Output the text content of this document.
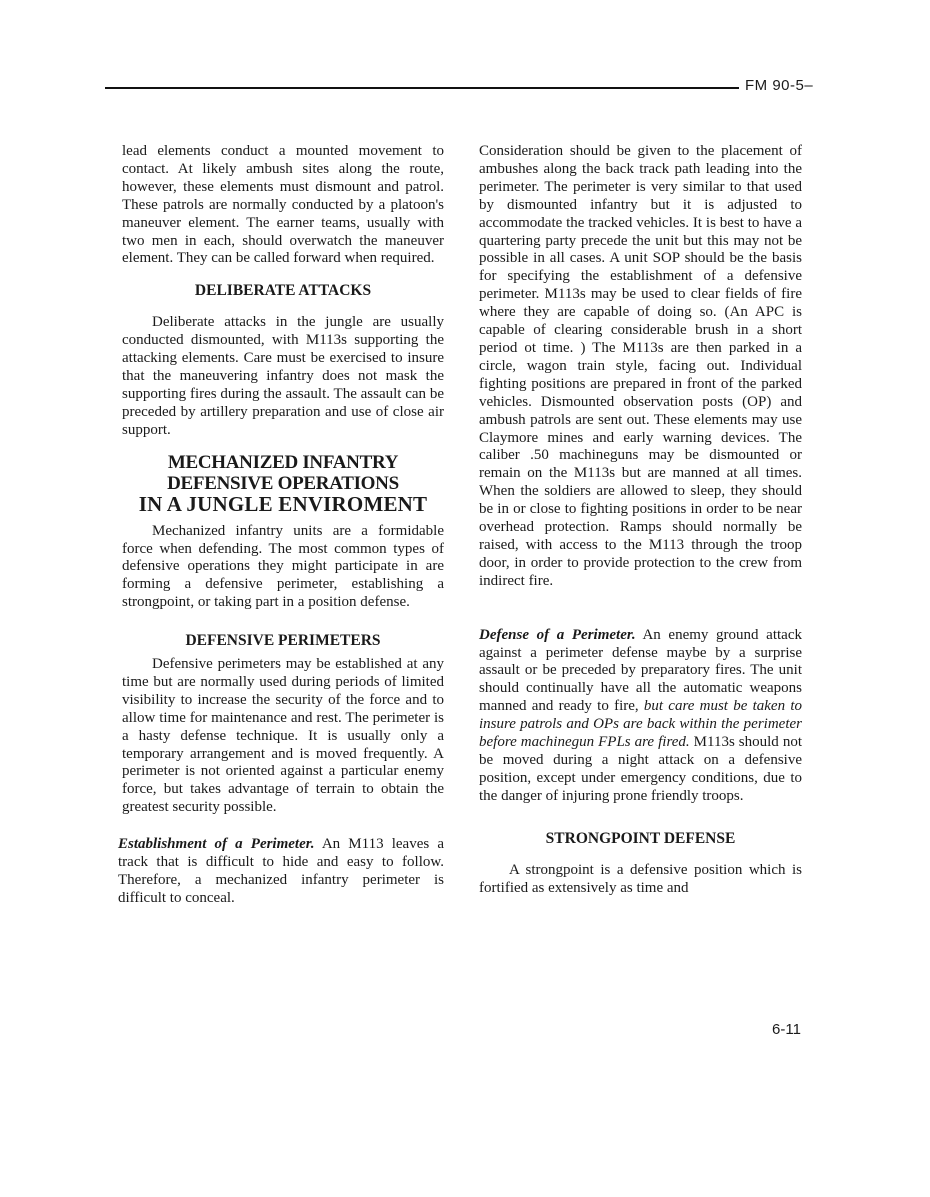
FM 90-5–

lead elements conduct a mounted movement to contact. At likely ambush sites along the route, however, these elements must dismount and patrol. These patrols are normally conducted by a platoon's maneuver element. The earner teams, usually with two men in each, should overwatch the maneuver element. They can be called forward when required.

DELIBERATE ATTACKS

Deliberate attacks in the jungle are usually conducted dismounted, with M113s supporting the attacking elements. Care must be exercised to insure that the maneuvering infantry does not mask the supporting fires during the assault. The assault can be preceded by artillery preparation and use of close air support.

MECHANIZED INFANTRY
DEFENSIVE OPERATIONS
IN A JUNGLE ENVIROMENT

Mechanized infantry units are a formidable force when defending. The most common types of defensive operations they might participate in are forming a defensive perimeter, establishing a strongpoint, or taking part in a position defense.

DEFENSIVE PERIMETERS

Defensive perimeters may be established at any time but are normally used during periods of limited visibility to increase the security of the force and to allow time for maintenance and rest. The perimeter is a hasty defense technique. It is usually only a temporary arrangement and is moved frequently. A perimeter is not oriented against a particular enemy force, but takes advantage of terrain to obtain the greatest security possible.

Establishment of a Perimeter. An M113 leaves a track that is difficult to hide and easy to follow. Therefore, a mechanized infantry perimeter is difficult to conceal.

Consideration should be given to the placement of ambushes along the back track path leading into the perimeter. The perimeter is very similar to that used by dismounted infantry but it is adjusted to accommodate the tracked vehicles. It is best to have a quartering party precede the unit but this may not be possible in all cases. A unit SOP should be the basis for specifying the establishment of a defensive perimeter. M113s may be used to clear fields of fire where they are capable of doing so. (An APC is capable of clearing considerable brush in a short period ot time. ) The M113s are then parked in a circle, wagon train style, facing out. Individual fighting positions are prepared in front of the parked vehicles. Dismounted observation posts (OP) and ambush patrols are sent out. These elements may use Claymore mines and early warning devices. The caliber .50 machineguns may be dismounted or remain on the M113s but are manned at all times. When the soldiers are allowed to sleep, they should be in or close to fighting positions in order to be near overhead protection. Ramps should normally be raised, with access to the M113 through the troop door, in order to provide protection to the crew from indirect fire.

Defense of a Perimeter. An enemy ground attack against a perimeter defense maybe by a surprise assault or be preceded by preparatory fires. The unit should continually have all the automatic weapons manned and ready to fire, but care must be taken to insure patrols and OPs are back within the perimeter before machinegun FPLs are fired. M113s should not be moved during a night attack on a defensive position, except under emergency conditions, due to the danger of injuring prone friendly troops.

STRONGPOINT DEFENSE

A strongpoint is a defensive position which is fortified as extensively as time and

6-11
